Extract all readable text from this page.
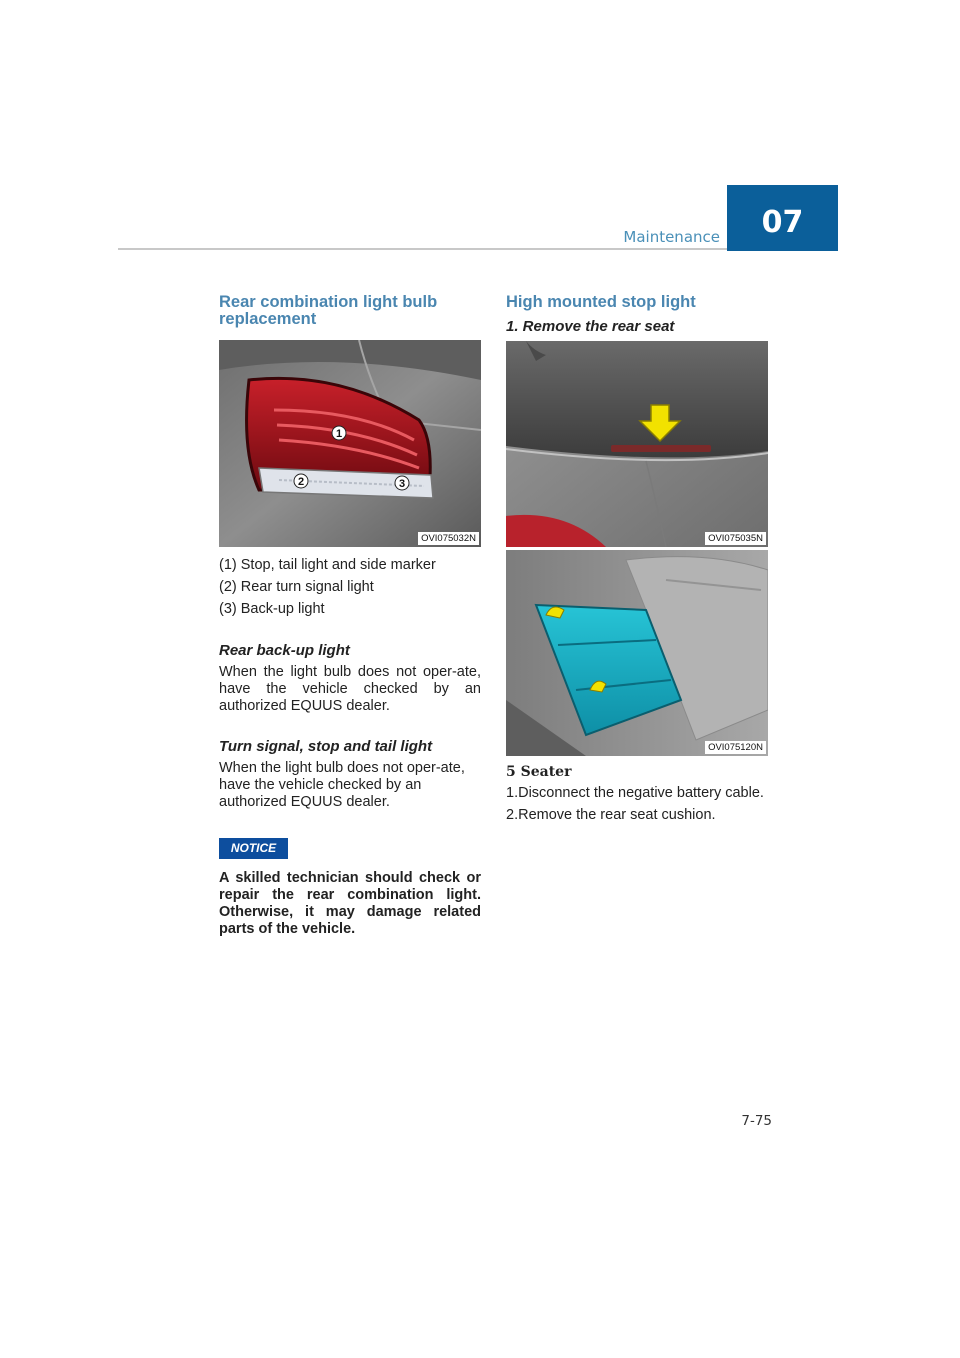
Maintenance	07
Rear combination light bulb replacement
1
2	3
OVI075032N

(1) Stop, tail light and side marker

(2) Rear turn signal light

(3) Back-up light

Rear back-up light

When the light bulb does not oper-ate, have the vehicle checked by an authorized EQUUS dealer.

Turn signal, stop and tail light

When the light bulb does not oper-ate, have the vehicle checked by an authorized EQUUS dealer.

NOTICE

A skilled technician should check or repair the rear combination light. Otherwise, it may damage related parts of the vehicle.

High mounted stop light
1. Remove the rear seat
OVI075035N
OVI075120N

5 Seater

1.Disconnect the negative battery cable.

2.Remove the rear seat cushion.

7-75
